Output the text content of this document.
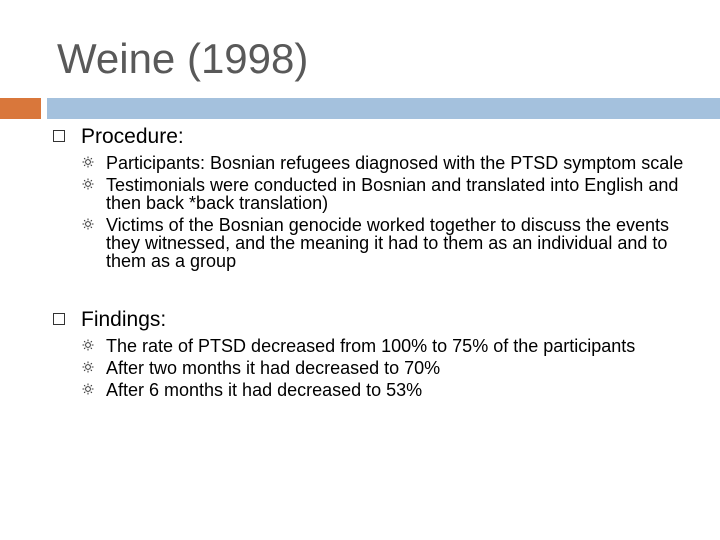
Weine (1998)
Procedure:
Participants: Bosnian refugees diagnosed with the PTSD symptom scale
Testimonials were conducted in Bosnian and translated into English and then back *back translation)
Victims of the Bosnian genocide worked together to discuss the events they witnessed, and the meaning it had to them as an individual and to them as a group
Findings:
The rate of PTSD decreased from 100% to 75% of the participants
After two months it had decreased to 70%
After 6 months it had decreased to 53%
